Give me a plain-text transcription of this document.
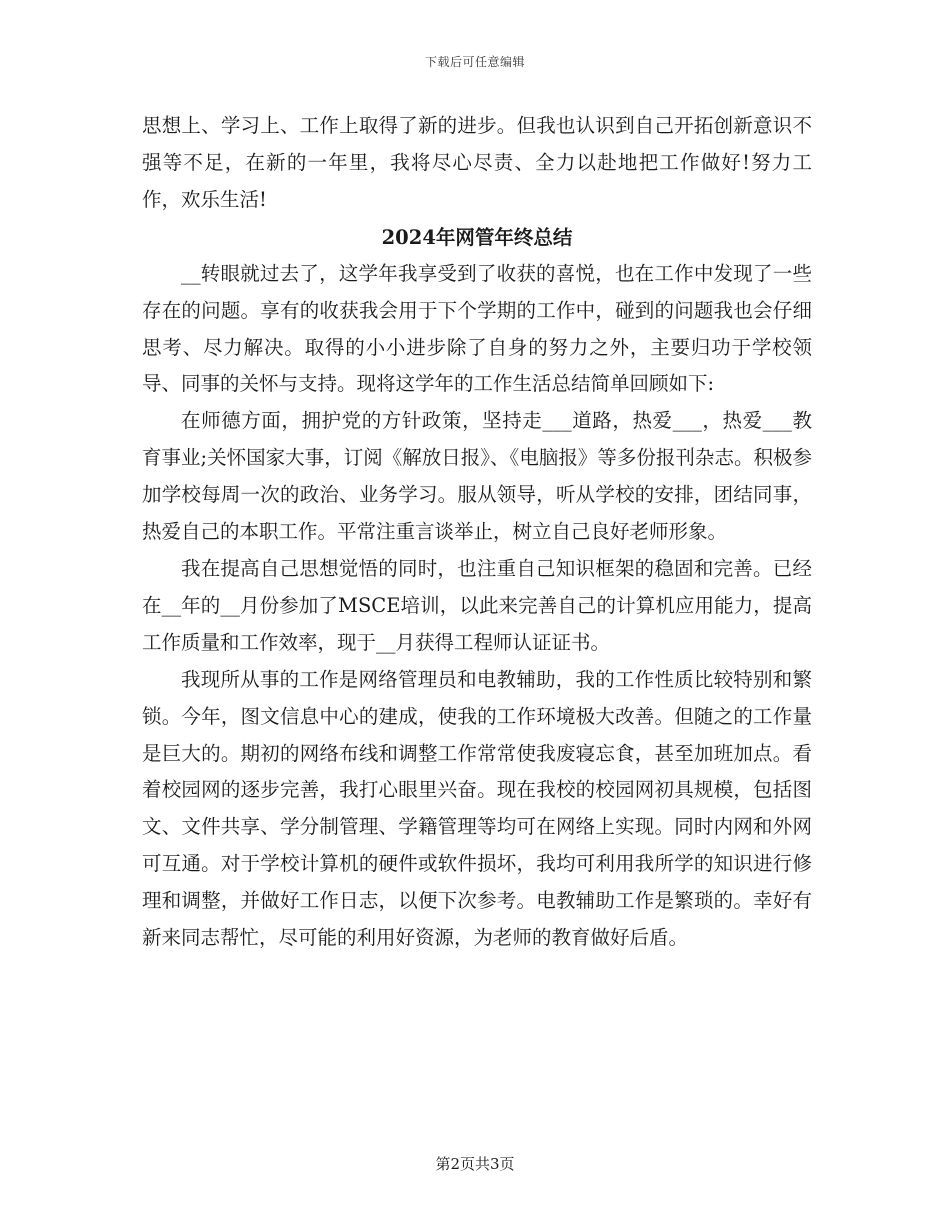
下载后可任意编辑

思想上、学习上、工作上取得了新的进步。但我也认识到自己开拓创新意识不强等不足，在新的一年里，我将尽心尽责、全力以赴地把工作做好!努力工作，欢乐生活!

2024年网管年终总结

__转眼就过去了，这学年我享受到了收获的喜悦，也在工作中发现了一些存在的问题。享有的收获我会用于下个学期的工作中，碰到的问题我也会仔细思考、尽力解决。取得的小小进步除了自身的努力之外，主要归功于学校领导、同事的关怀与支持。现将这学年的工作生活总结简单回顾如下:

在师德方面，拥护党的方针政策，坚持走___道路，热爱___，热爱___教育事业;关怀国家大事，订阅《解放日报》、《电脑报》等多份报刊杂志。积极参加学校每周一次的政治、业务学习。服从领导，听从学校的安排，团结同事，热爱自己的本职工作。平常注重言谈举止，树立自己良好老师形象。

我在提高自己思想觉悟的同时，也注重自己知识框架的稳固和完善。已经在__年的__月份参加了MSCE培训，以此来完善自己的计算机应用能力，提高工作质量和工作效率，现于__月获得工程师认证证书。

我现所从事的工作是网络管理员和电教辅助，我的工作性质比较特别和繁锁。今年，图文信息中心的建成，使我的工作环境极大改善。但随之的工作量是巨大的。期初的网络布线和调整工作常常使我废寝忘食，甚至加班加点。看着校园网的逐步完善，我打心眼里兴奋。现在我校的校园网初具规模，包括图文、文件共享、学分制管理、学籍管理等均可在网络上实现。同时内网和外网可互通。对于学校计算机的硬件或软件损坏，我均可利用我所学的知识进行修理和调整，并做好工作日志，以便下次参考。电教辅助工作是繁琐的。幸好有新来同志帮忙，尽可能的利用好资源，为老师的教育做好后盾。

第2页共3页
